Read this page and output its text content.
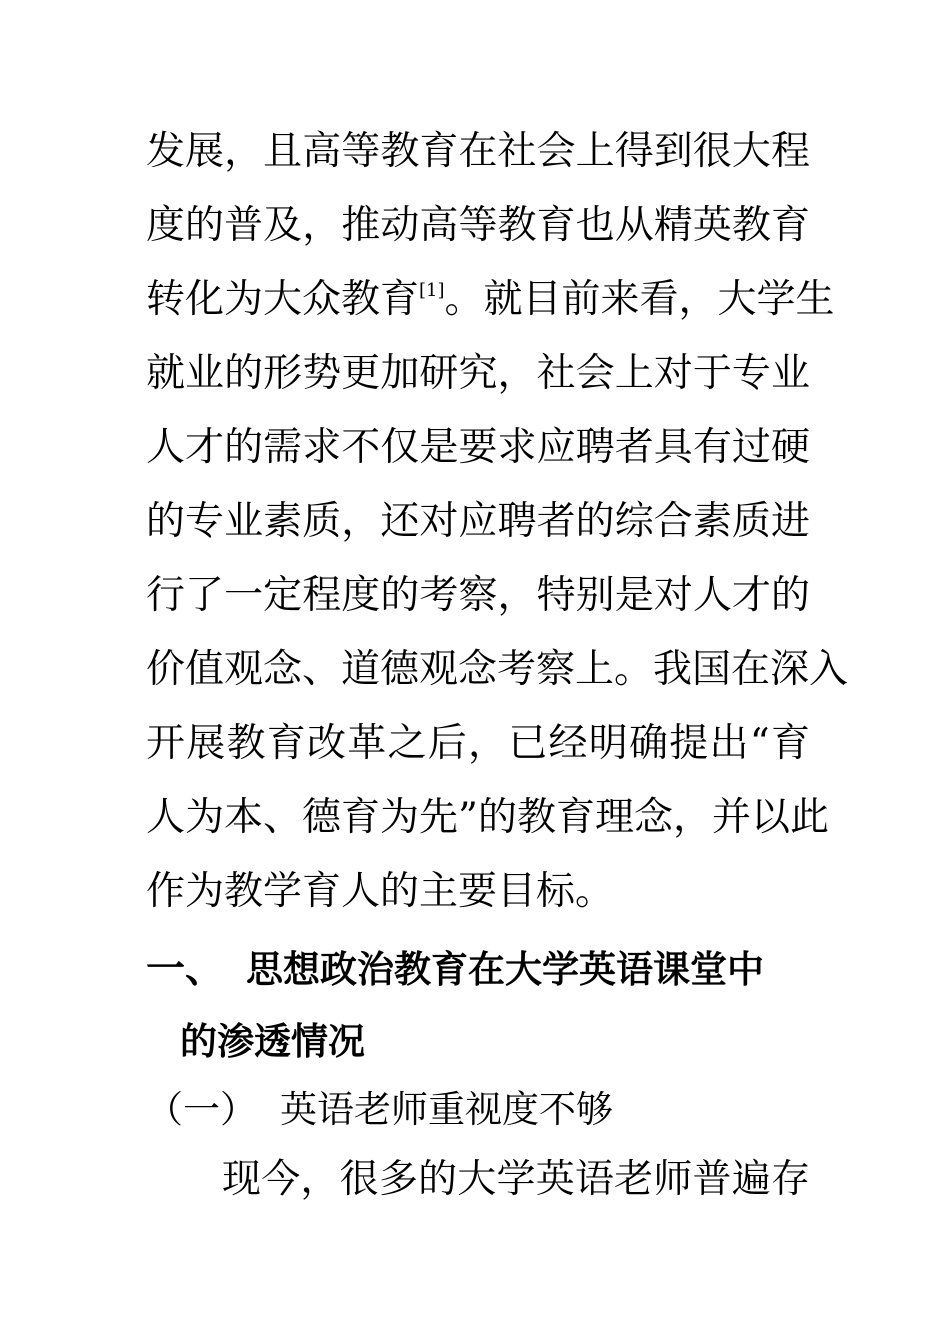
发展，且高等教育在社会上得到很大程
度的普及，推动高等教育也从精英教育
转化为大众教育[1]。就目前来看，大学生
就业的形势更加研究，社会上对于专业
人才的需求不仅是要求应聘者具有过硬
的专业素质，还对应聘者的综合素质进
行了一定程度的考察，特别是对人才的
价值观念、道德观念考察上。我国在深入
开展教育改革之后，已经明确提出“育
人为本、德育为先”的教育理念，并以此
作为教学育人的主要目标。
一、 思想政治教育在大学英语课堂中
的渗透情况
（一） 英语老师重视度不够
现今，很多的大学英语老师普遍存
